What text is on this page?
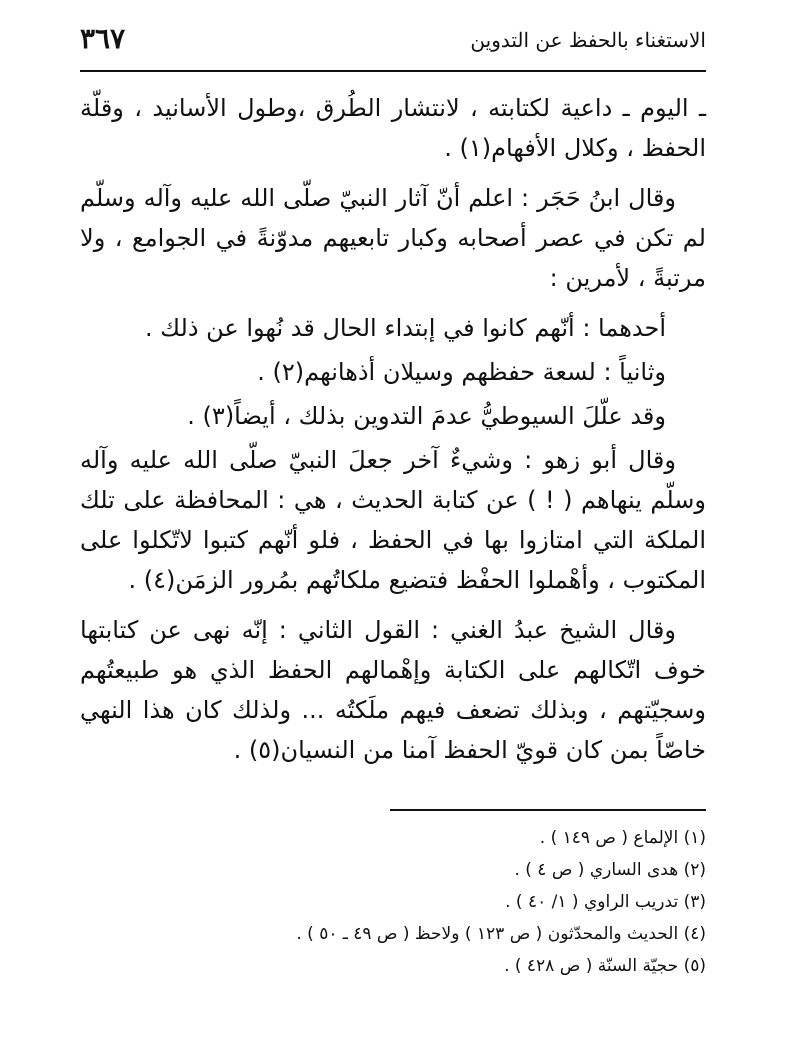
الاستغناء بالحفظ عن التدوين
٣٦٧

ـ اليوم ـ داعية لكتابته ، لانتشار الطُرق ،وطول الأسانيد ، وقلّة الحفظ ، وكلال الأفهام(١) .

وقال ابنُ حَجَر : اعلم أنّ آثار النبيّ صلّى الله عليه وآله وسلّم لم تكن في عصر أصحابه وكبار تابعيهم مدوّنةً في الجوامع ، ولا مرتبةً ، لأمرين :

أحدهما : أنّهم كانوا في إبتداء الحال قد نُهوا عن ذلك .

وثانياً : لسعة حفظهم وسيلان أذهانهم(٢) .

وقد علّلَ السيوطيُّ عدمَ التدوين بذلك ، أيضاً(٣) .

وقال أبو زهو : وشيءٌ آخر جعلَ النبيّ صلّى الله عليه وآله وسلّم ينهاهم ( ! ) عن كتابة الحديث ، هي : المحافظة على تلك الملكة التي امتازوا بها في الحفظ ، فلو أنّهم كتبوا لاتّكلوا على المكتوب ، وأهْملوا الحفْظ فتضيع ملكاتُهم بمُرور الزمَن(٤) .

وقال الشيخ عبدُ الغني : القول الثاني : إنّه نهى عن كتابتها خوف اتّكالهم على الكتابة وإهْمالهم الحفظ الذي هو طبيعتُهم وسجيّتهم ، وبذلك تضعف فيهم ملَكتُه ... ولذلك كان هذا النهي خاصّاً بمن كان قويّ الحفظ آمنا من النسيان(٥) .

(١) الإلماع ( ص ١٤٩ ) .

(٢) هدى الساري ( ص ٤ ) .

(٣) تدريب الراوي ( ١/ ٤٠ ) .

(٤) الحديث والمحدّثون ( ص ١٢٣ ) ولاحظ ( ص ٤٩ ـ ٥٠ ) .

(٥) حجيّة السنّة ( ص ٤٢٨ ) .
